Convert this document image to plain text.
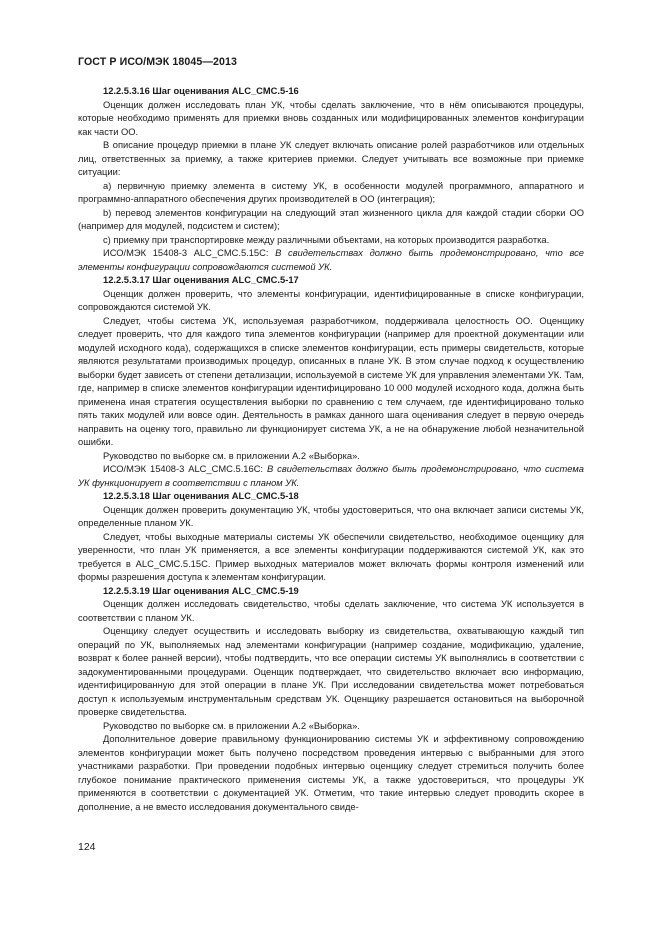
ГОСТ Р ИСО/МЭК 18045—2013

12.2.5.3.16 Шаг оценивания ALC_CMC.5-16

Оценщик должен исследовать план УК, чтобы сделать заключение, что в нём описываются процедуры, которые необходимо применять для приемки вновь созданных или модифицированных элементов конфигурации как части ОО.

В описание процедур приемки в плане УК следует включать описание ролей разработчиков или отдельных лиц, ответственных за приемку, а также критериев приемки. Следует учитывать все возможные при приемке ситуации:

а) первичную приемку элемента в систему УК, в особенности модулей программного, аппаратного и программно-аппаратного обеспечения других производителей в ОО (интеграция);

b) перевод элементов конфигурации на следующий этап жизненного цикла для каждой стадии сборки ОО (например для модулей, подсистем и систем);

c) приемку при транспортировке между различными объектами, на которых производится разработка.

ИСО/МЭК 15408-3 ALC_CMC.5.15C: В свидетельствах должно быть продемонстрировано, что все элементы конфигурации сопровождаются системой УК.

12.2.5.3.17 Шаг оценивания ALC_CMC.5-17

Оценщик должен проверить, что элементы конфигурации, идентифицированные в списке конфигурации, сопровождаются системой УК.

Следует, чтобы система УК, используемая разработчиком, поддерживала целостность ОО. Оценщику следует проверить, что для каждого типа элементов конфигурации (например для проектной документации или модулей исходного кода), содержащихся в списке элементов конфигурации, есть примеры свидетельств, которые являются результатами производимых процедур, описанных в плане УК. В этом случае подход к осуществлению выборки будет зависеть от степени детализации, используемой в системе УК для управления элементами УК. Там, где, например в списке элементов конфигурации идентифицировано 10 000 модулей исходного кода, должна быть применена иная стратегия осуществления выборки по сравнению с тем случаем, где идентифицировано только пять таких модулей или вовсе один. Деятельность в рамках данного шага оценивания следует в первую очередь направить на оценку того, правильно ли функционирует система УК, а не на обнаружение любой незначительной ошибки.

Руководство по выборке см. в приложении А.2 «Выборка».

ИСО/МЭК 15408-3 ALC_CMC.5.16C: В свидетельствах должно быть продемонстрировано, что система УК функционирует в соответствии с планом УК.

12.2.5.3.18 Шаг оценивания ALC_CMC.5-18

Оценщик должен проверить документацию УК, чтобы удостовериться, что она включает записи системы УК, определенные планом УК.

Следует, чтобы выходные материалы системы УК обеспечили свидетельство, необходимое оценщику для уверенности, что план УК применяется, а все элементы конфигурации поддерживаются системой УК, как это требуется в ALC_CMC.5.15C. Пример выходных материалов может включать формы контроля изменений или формы разрешения доступа к элементам конфигурации.

12.2.5.3.19 Шаг оценивания ALC_CMC.5-19

Оценщик должен исследовать свидетельство, чтобы сделать заключение, что система УК используется в соответствии с планом УК.

Оценщику следует осуществить и исследовать выборку из свидетельства, охватывающую каждый тип операций по УК, выполняемых над элементами конфигурации (например создание, модификацию, удаление, возврат к более ранней версии), чтобы подтвердить, что все операции системы УК выполнялись в соответствии с задокументированными процедурами. Оценщик подтверждает, что свидетельство включает всю информацию, идентифицированную для этой операции в плане УК. При исследовании свидетельства может потребоваться доступ к используемым инструментальным средствам УК. Оценщику разрешается остановиться на выборочной проверке свидетельства.

Руководство по выборке см. в приложении А.2 «Выборка».

Дополнительное доверие правильному функционированию системы УК и эффективному сопровождению элементов конфигурации может быть получено посредством проведения интервью с выбранными для этого участниками разработки. При проведении подобных интервью оценщику следует стремиться получить более глубокое понимание практического применения системы УК, а также удостовериться, что процедуры УК применяются в соответствии с документацией УК. Отметим, что такие интервью следует проводить скорее в дополнение, а не вместо исследования документального свиде-

124
